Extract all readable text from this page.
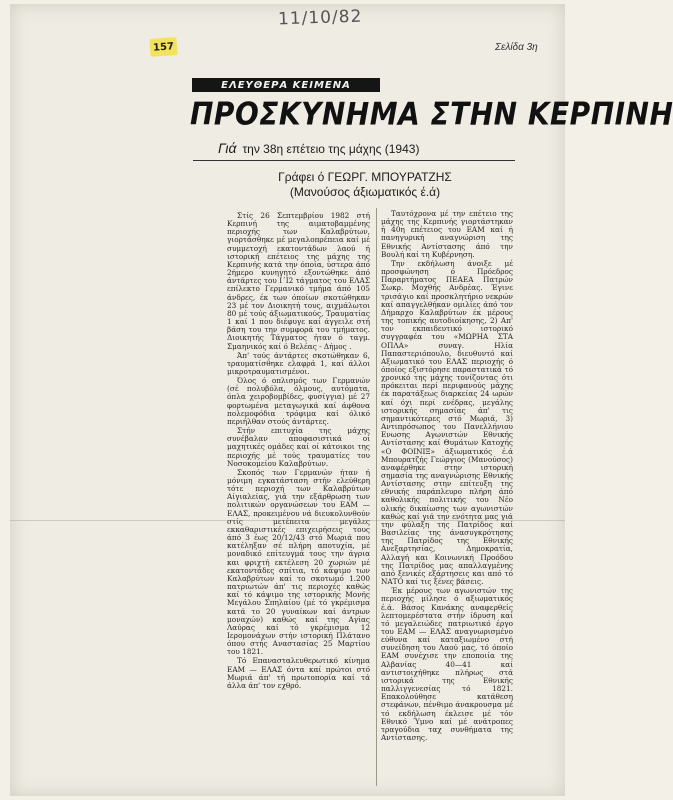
11/10/82
Σελίδα 3η
157
ΕΛΕΥΘΕΡΑ ΚΕΙΜΕΝΑ
ΠΡΟΣΚΥΝΗΜΑ ΣΤΗΝ ΚΕΡΠΙΝΗ
Γιά την 38η επέτειο της μάχης (1943)
Γράφει ό ΓΕΩΡΓ. ΜΠΟΥΡΑΤΖΗΣ
(Μανούσος άξιωματικός έ.ά)

Στίς 26 Σεπτεμβρίου 1982 στή Κερπινή της αιματοβαμμένης περιοχής των Καλαβρύτων, γιορτάσθηκε μέ μεγαλοπρέπεια καί μέ συμμετοχή εκατοντάδων λαού ή ιστορική επέτειος της μάχης της Κερπινής κατά την όποία, ύστερα άπό 2ήμερο κυνηγητό εξοντώθηκε άπό άντάρτες του Ι΄Ι2 τάγματος του ΕΛΑΣ επίλεκτο Γερμανικό τμήμα άπό 105 άνδρες, έκ των όποίων σκοτώθηκαν 23 μέ τον Διοικητή τους, αιχμάλωτοι 80 μέ τούς άξιωματικούς, Τραυματίας 1 καί 1 που διέφυγε καί άγγειλε στή βάση του την συμφορά του τμήματος. Διοικητής Τάγματος ήταν ό ταγμ. Σμαηνικός καί ό Βελέας - Δήμος .

Άπ' τούς άντάρτες σκοτώθηκαν 6, τραυματίσθηκε ελαφρά 1, καί άλλοι μικροτραυματισμένοι.

Όλος ό οπλισμός των Γερμανών (σέ πολυβόλα, όλμους, αυτόματα, όπλα χειροβομβίδες, φυσίγγια) μέ 27 φορτωμένα μεταγωγικά καί άφθονα πολεμοφόδια τρόφιμα καί όλικό περιήλθαν στούς άντάρτες.

Στήν επιτυχία της μάχης συνέβαλαν αποφασιστικά οί μαχητικές ομάδες καί οί κάτοικοι της περιοχής μέ τούς τραυματίες του Νοσοκομείου Καλαβρύτων.

Σκοπός των Γερμανών ήταν ή μόνιμη εγκατάσταση στήν ελεύθερη τότε περιοχή των Καλαβρύτων Αίγιαλείας, γιά την εξάρθρωση των πολιτικών οργανώσεων του ΕΑΜ — ΕΛΑΣ, προκειμένου νά διευκολυνθούν στίς μετέπειτα μεγάλες εκκαθαριστικές επιχειρήσεις τους άπό 3 έως 20/12/43 στό Μωριά που κατέληξαν σέ πλήρη αποτυχία, μέ μοναδικό επίτευγμά τους την άγρια και φριχτή εκτέλεση 20 χωριών μέ εκατοντάδες σπίτια, τό κάψιμο των Καλαβρύτων καί το σκοτωμό 1.200 πατριωτών άπ' τις περιοχές καθώς καί τό κάψιμο της ιστορικής Μονής Μεγάλου Σπηλαίου (μέ τό γκρέμισμα κατά το 20 γυναίκων καί άντρων μοναχών) καθώς καί της Αγίας Λαύρας καί τό γκρέμισμα 12 Ιερομονάχων στήν ιστορική Πλάτανο όπου στής Αναστασίας 25 Μαρτίου του 1821.

Τό Επανασταλευθερωτικό κίνημα ΕΑΜ — ΕΛΑΣ όντα καί πρώτοι στό Μωριά άπ' τή πρωτοπορία καί τά άλλα άπ' τον εχθρό.

Ταυτόχρονα μέ την επέτειο της μάχης της Κερπινής γιορτάστηκαν ή 40η επέτειος του ΕΑΜ καί ή πανηγυρική αναγνώριση της Εθνικής Αντίστασης άπό την Βουλή καί τη Κυβέρνηση.

Την εκδήλωση άνοιξε μέ προσφώνηση ό Πρόεδρος Παραρτήματος ΠΕΑΕΑ Πατρών Σωκρ. Μοχθής Ανδρέας. Έγινε τρισάγιο καί προσκλητήριο νεκρών καί απαγγελθήκαν ομιλίες άπό τον Δήμαρχο Καλαβρύτων έκ μέρους της τοπικής αυτοδιοίκησης, 2) Απ' τον εκπαιδευτικό ιστορικό συγγραφέα του «ΜΩΡΗΑ ΣΤΑ ΟΠΛΑ» συναγ. Ηλία Παπαστεριόπουλο, διευθυντό καί Αξιωματικό του ΕΛΑΣ περιοχής ό όποίος εξιστόρησε παραστατικά τό χρονικό της μάχης τονίζοντας ότι πρόκειται περί περιφανούς μάχης έκ παρατάξεως διαρκείας 24 ωρών καί όχι περί ενέδρας, μεγάλης ιστορικής σημασίας άπ' τις σημαντικότερες στό Μωριά, 3) Αντιπρόσωπος του Πανελλήνιου Ενωσης Αγωνιστών Εθνικής Αντίστασης καί Θυμάτων Κατοχής «Ο ΦΟΙΝΙΞ» άξιωματικός έ.ά Μπουρατζής Γεώργιος (Μανούσος) αναφέρθηκε στην ιστορική σημασία της αναγνώρισης Εθνικής Αντίστασης στην επίτευξη της εθνικής παράπλευρο πλήρη άπό καθολικής πολιτικής του Νέο ολικής δικαίωσης των αγωνιστών καθώς καί γιά την ενότητα μας γιά την φύλαξη της Πατρίδος καί Βασιλείας της άνασυγκρότησης της Πατρίδος της Εθνικής Ανεξαρτησίας, Δημοκρατία, Αλλαγή και Κοινωνική Προόδου της Πατρίδος μας απαλλαγμένης από ξενικές εξάρτησεις και από τό ΝΑΤΟ καί τις ξένες βάσεις.

Έκ μέρους των αγωνιστών της περιοχής μίλησε ό αξιωματικός έ.ά. Βάσος Κανάκης αναφερθείς λεπτομερέστατα στήν ίδρυση καί τό μεγαλειώδες πατριωτικό έργο του ΕΑΜ — ΕΛΑΣ αναγνωρισμένο εύθυνα καί καταξιωμένο στή συνείδηση του Λαού μας, τό όποίο ΕΑΜ συνέχισε την εποποιία της Αλβανίας 40—41 καί αντιστοιχήθηκε πλήρως στά ιστορικά της Εθνικής παλλιγγενεσίας τό 1821. Επακολούθησε κατάθεση στεφάνων, πένθιμο άνακρουσμα μέ τό εκδήλωση έκλεισε μέ τόν Εθνικό Ύμνο καί μέ ανάτροπες τραγούδια ταχ συνθήματα της Αντίστασης.
